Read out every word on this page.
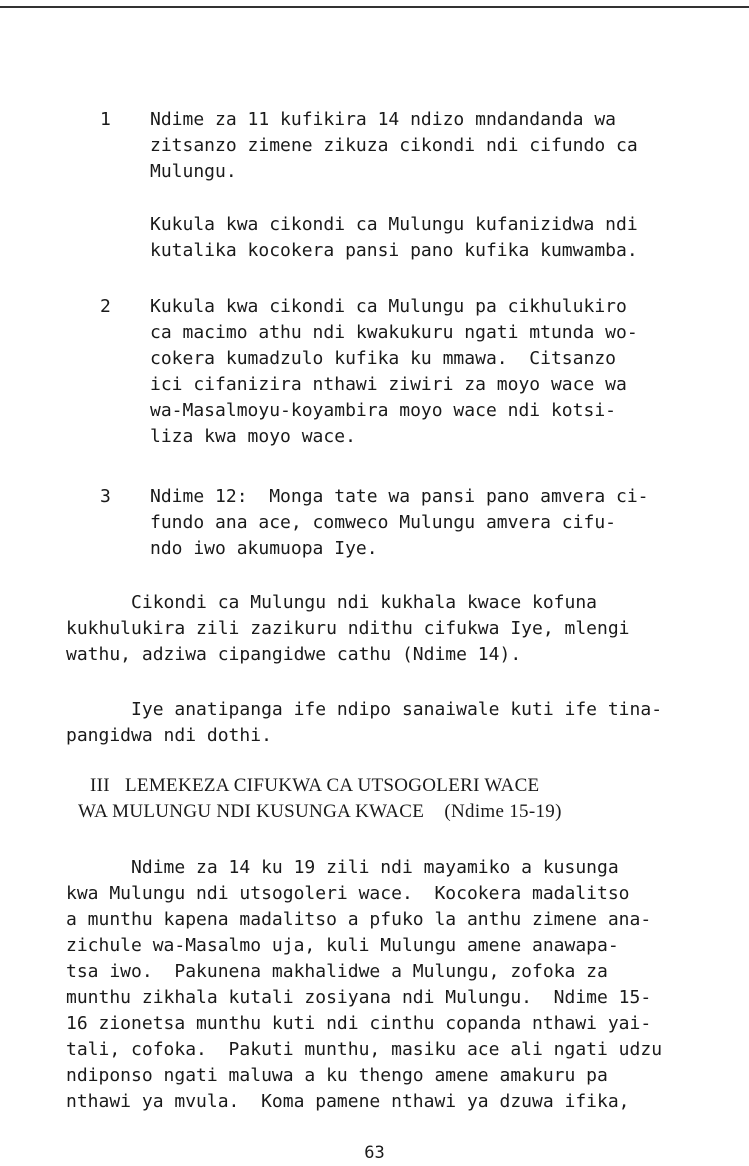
1	Ndime za 11 kufikira 14 ndizo mndandanda wa
zitsanzo zimene zikuza cikondi ndi cifundo ca
Mulungu.
Kukula kwa cikondi ca Mulungu kufanizidwa ndi
kutalika kocokera pansi pano kufika kumwamba.
2	Kukula kwa cikondi ca Mulungu pa cikhulukiro
ca macimo athu ndi kwakukuru ngati mtunda wo-
cokera kumadzulo kufika ku mmawa.  Citsanzo
ici cifanizira nthawi ziwiri za moyo wace wa
wa-Masalmoyu-koyambira moyo wace ndi kotsi-
liza kwa moyo wace.
3	Ndime 12:  Monga tate wa pansi pano amvera ci-
fundo ana ace, comweco Mulungu amvera cifu-
ndo iwo akumuopa Iye.
Cikondi ca Mulungu ndi kukhala kwace kofuna
kukhulukira zili zazikuru ndithu cifukwa Iye, mlengi
wathu, adziwa cipangidwe cathu (Ndime 14).
Iye anatipanga ife ndipo sanaiwale kuti ife tina-
pangidwa ndi dothi.
III   LEMEKEZA CIFUKWA CA UTSOGOLERI WACE
WA MULUNGU NDI KUSUNGA KWACE    (Ndime 15-19)
Ndime za 14 ku 19 zili ndi mayamiko a kusunga
kwa Mulungu ndi utsogoleri wace.  Kocokera madalitso
a munthu kapena madalitso a pfuko la anthu zimene ana-
zichule wa-Masalmo uja, kuli Mulungu amene anawapa-
tsa iwo.  Pakunena makhalidwe a Mulungu, zofoka za
munthu zikhala kutali zosiyana ndi Mulungu.  Ndime 15-
16 zionetsa munthu kuti ndi cinthu copanda nthawi yai-
tali, cofoka.  Pakuti munthu, masiku ace ali ngati udzu
ndiponso ngati maluwa a ku thengo amene amakuru pa
nthawi ya mvula.  Koma pamene nthawi ya dzuwa ifika,
63
